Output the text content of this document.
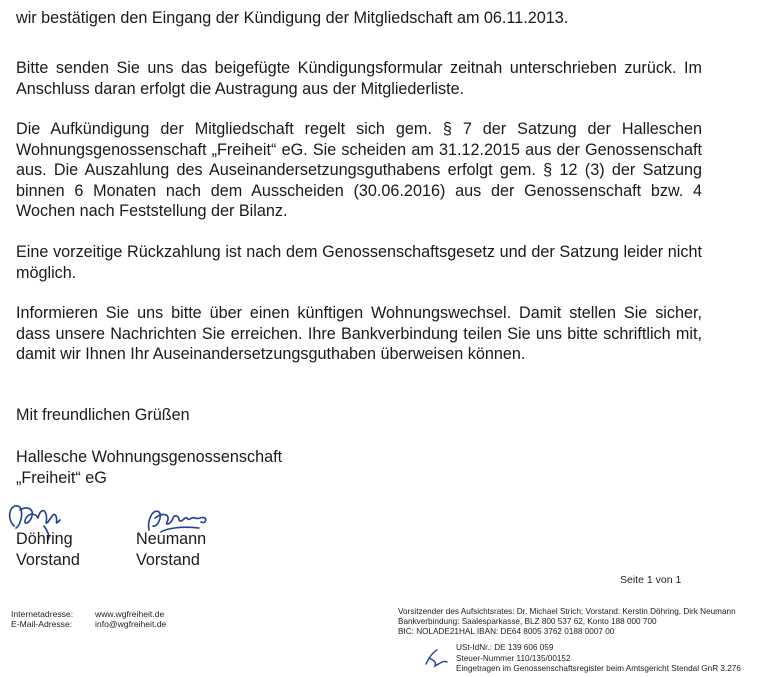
wir bestätigen den Eingang der Kündigung der Mitgliedschaft am 06.11.2013.

Bitte senden Sie uns das beigefügte Kündigungsformular zeitnah unterschrieben zurück. Im Anschluss daran erfolgt die Austragung aus der Mitgliederliste.

Die Aufkündigung der Mitgliedschaft regelt sich gem. § 7 der Satzung der Halleschen Wohnungsgenossenschaft „Freiheit“ eG. Sie scheiden am 31.12.2015 aus der Genossenschaft aus. Die Auszahlung des Auseinandersetzungsguthabens erfolgt gem. § 12 (3) der Satzung binnen 6 Monaten nach dem Ausscheiden (30.06.2016) aus der Genossenschaft bzw. 4 Wochen nach Feststellung der Bilanz.

Eine vorzeitige Rückzahlung ist nach dem Genossenschaftsgesetz und der Satzung leider nicht möglich.

Informieren Sie uns bitte über einen künftigen Wohnungswechsel. Damit stellen Sie sicher, dass unsere Nachrichten Sie erreichen. Ihre Bankverbindung teilen Sie uns bitte schriftlich mit, damit wir Ihnen Ihr Auseinandersetzungsguthaben überweisen können.

Mit freundlichen Grüßen

Hallesche Wohnungsgenossenschaft
„Freiheit“ eG

Döhring
Vorstand
Neumann
Vorstand
Seite 1 von 1
Internetadresse:	www.wgfreiheit.de
E-Mail-Adresse:	info@wgfreiheit.de
Vorsitzender des Aufsichtsrates: Dr. Michael Strich; Vorstand: Kerstin Döhring, Dirk Neumann
Bankverbindung: Saalesparkasse, BLZ 800 537 62, Konto 188 000 700
BIC: NOLADE21HAL IBAN: DE64 8005 3762 0188 0007 00
USt-IdNr.: DE 139 606 059
Steuer-Nummer 110/135/00152
Eingetragen im Genossenschaftsregister beim Amtsgericht Stendal GnR 3.276
